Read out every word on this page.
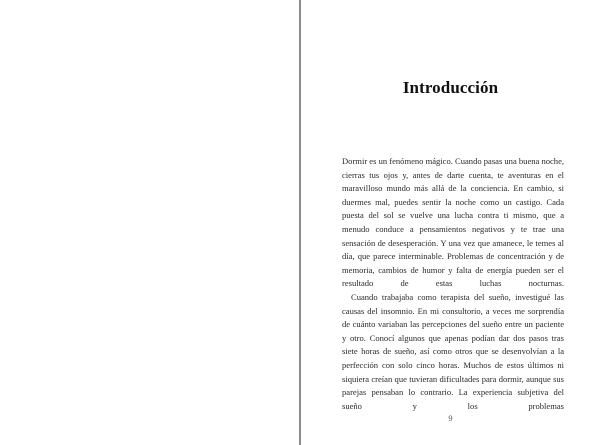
Introducción

Dormir es un fenómeno mágico. Cuando pasas una buena noche, cierras tus ojos y, antes de darte cuenta, te aventuras en el maravilloso mundo más allá de la conciencia. En cambio, si duermes mal, puedes sentir la noche como un castigo. Cada puesta del sol se vuelve una lucha contra ti mismo, que a menudo conduce a pensamientos negativos y te trae una sensación de desesperación. Y una vez que amanece, le temes al día, que parece interminable. Problemas de concentración y de memoria, cambios de humor y falta de energía pueden ser el resultado de estas luchas nocturnas.

Cuando trabajaba como terapista del sueño, investigué las causas del insomnio. En mi consultorio, a veces me sorprendía de cuánto variaban las percepciones del sueño entre un paciente y otro. Conocí algunos que apenas podían dar dos pasos tras siete horas de sueño, así como otros que se desenvolvían a la perfección con solo cinco horas. Muchos de estos últimos ni siquiera creían que tuvieran dificultades para dormir, aunque sus parejas pensaban lo contrario. La experiencia subjetiva del sueño y los problemas

9
